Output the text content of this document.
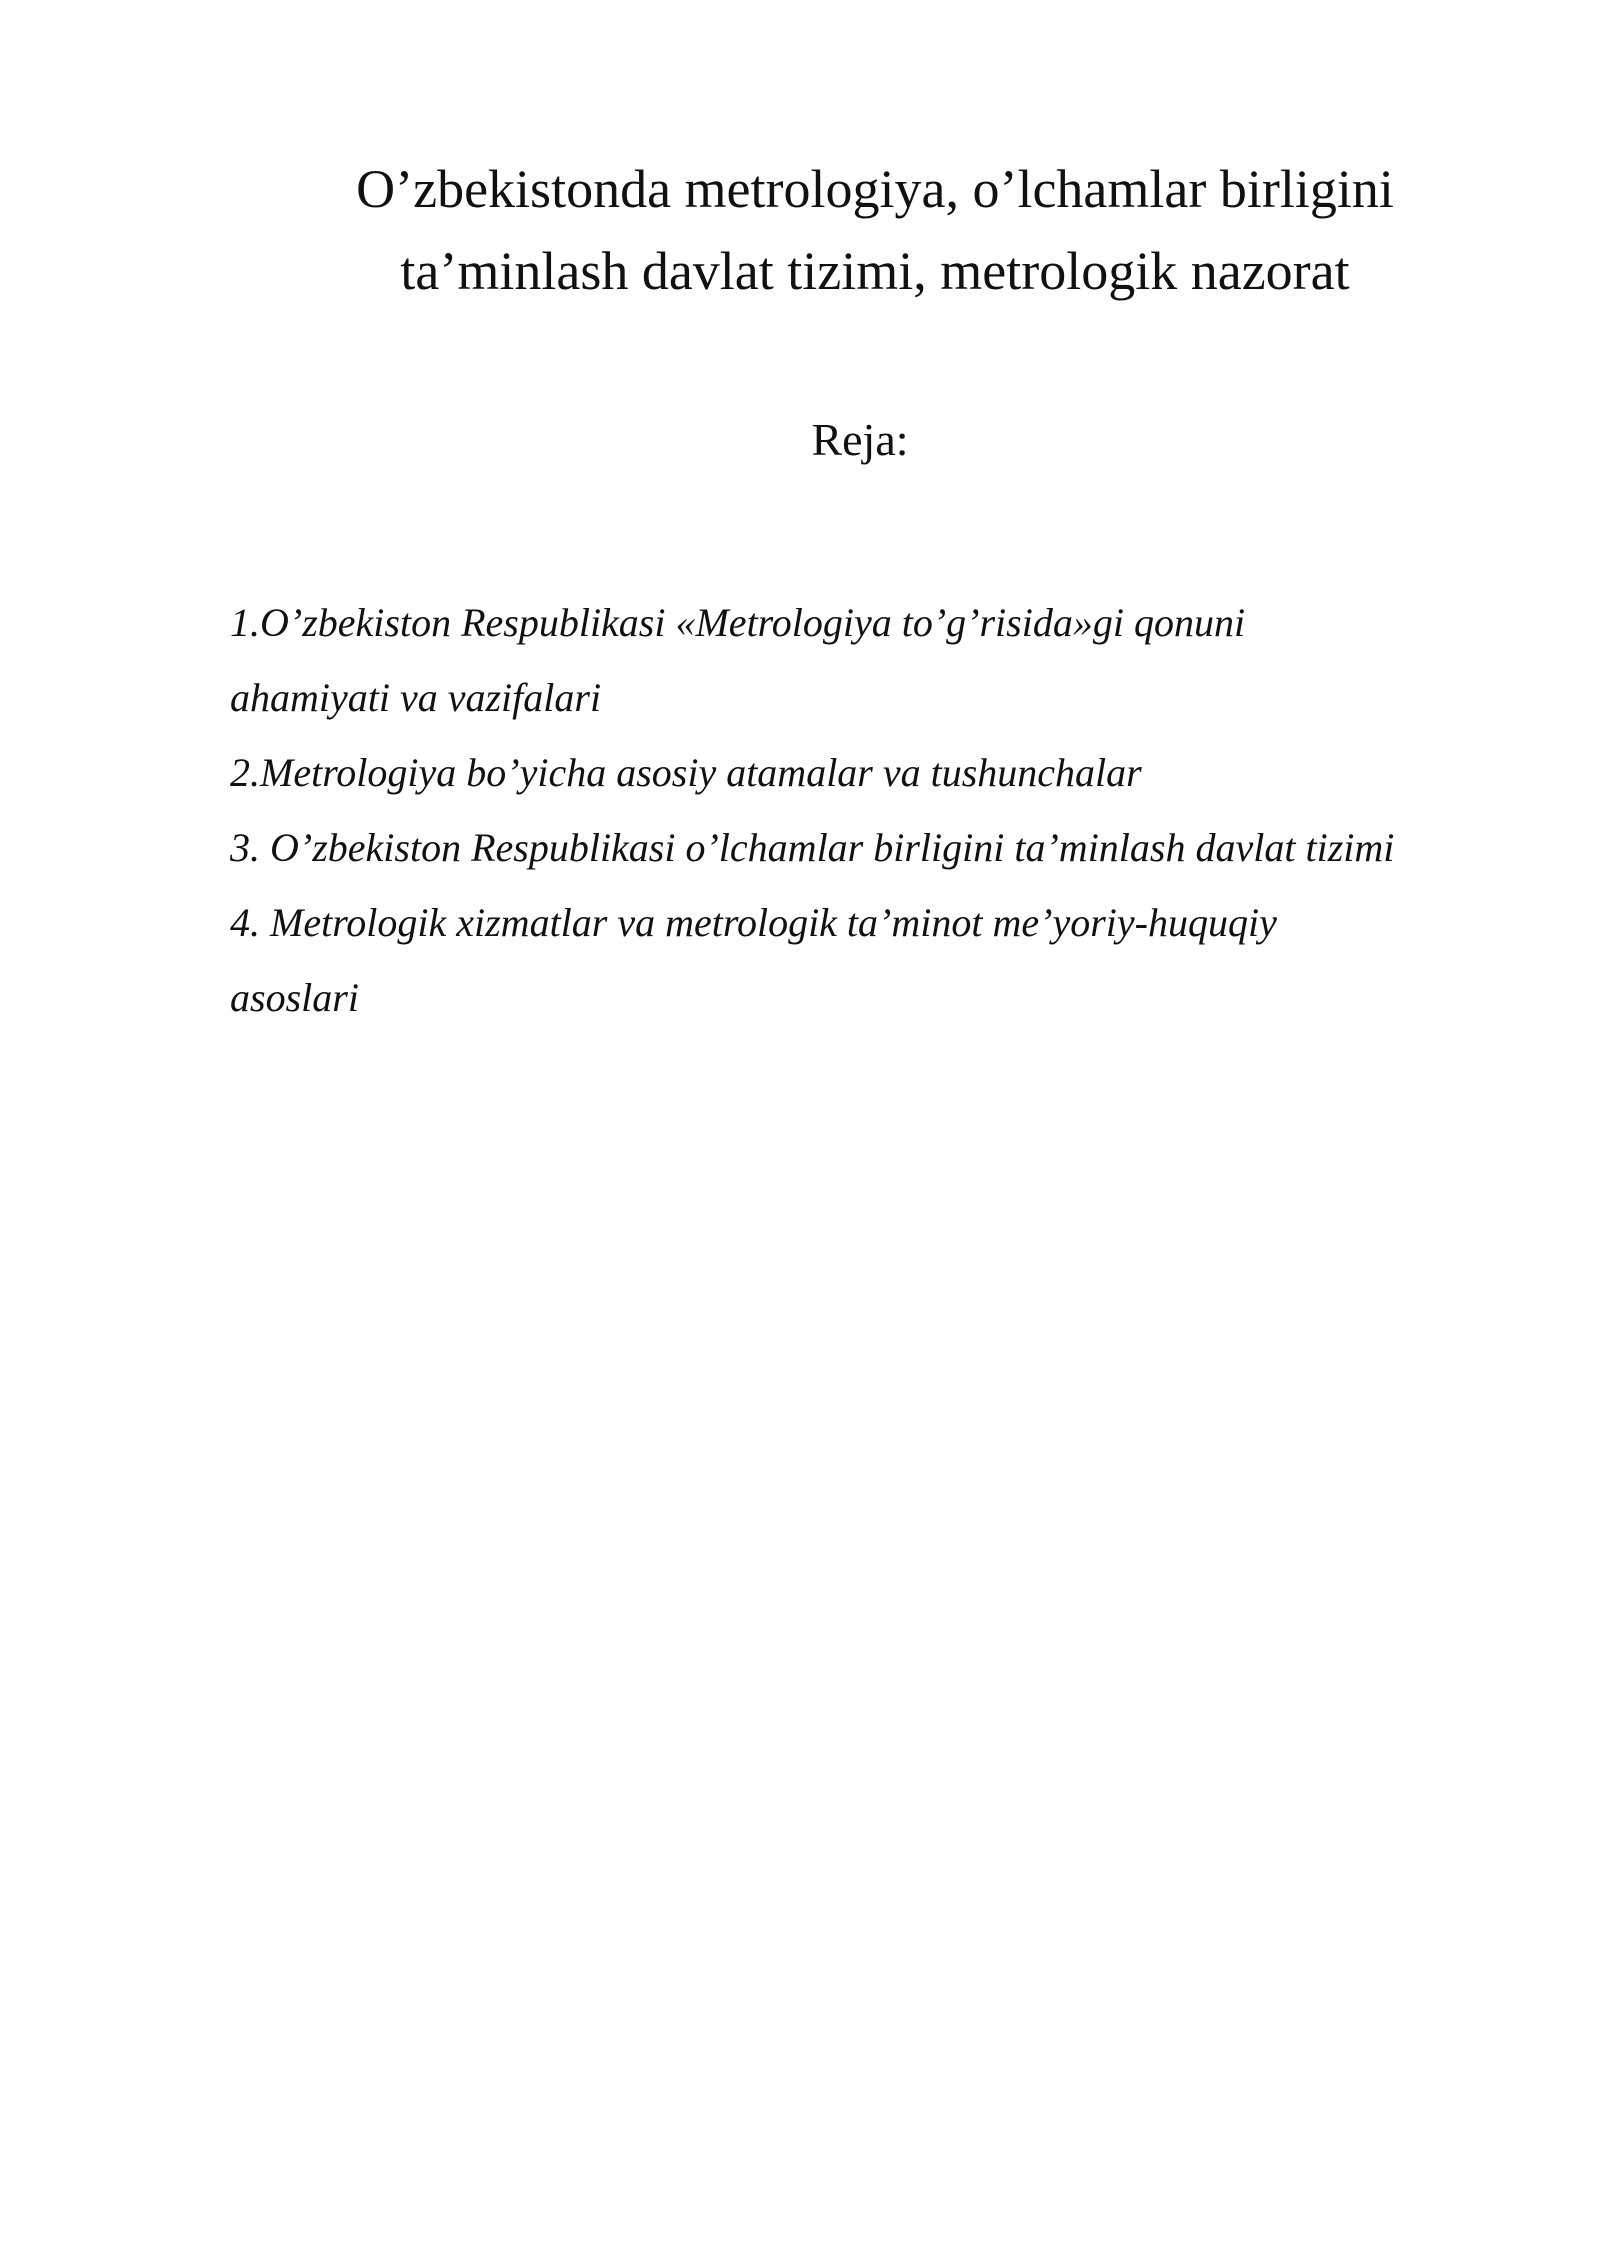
O’zbekistonda metrologiya, o’lchamlar birligini
ta’minlash davlat tizimi, metrologik nazorat
Reja:
1.O’zbekiston Respublikasi «Metrologiya to’g’risida»gi qonuni
ahamiyati va vazifalari
2.Metrologiya bo’yicha asosiy atamalar va tushunchalar
3. O’zbekiston Respublikasi o’lchamlar birligini ta’minlash davlat tizimi
4. Metrologik xizmatlar va metrologik ta’minot me’yoriy-huquqiy
asoslari
